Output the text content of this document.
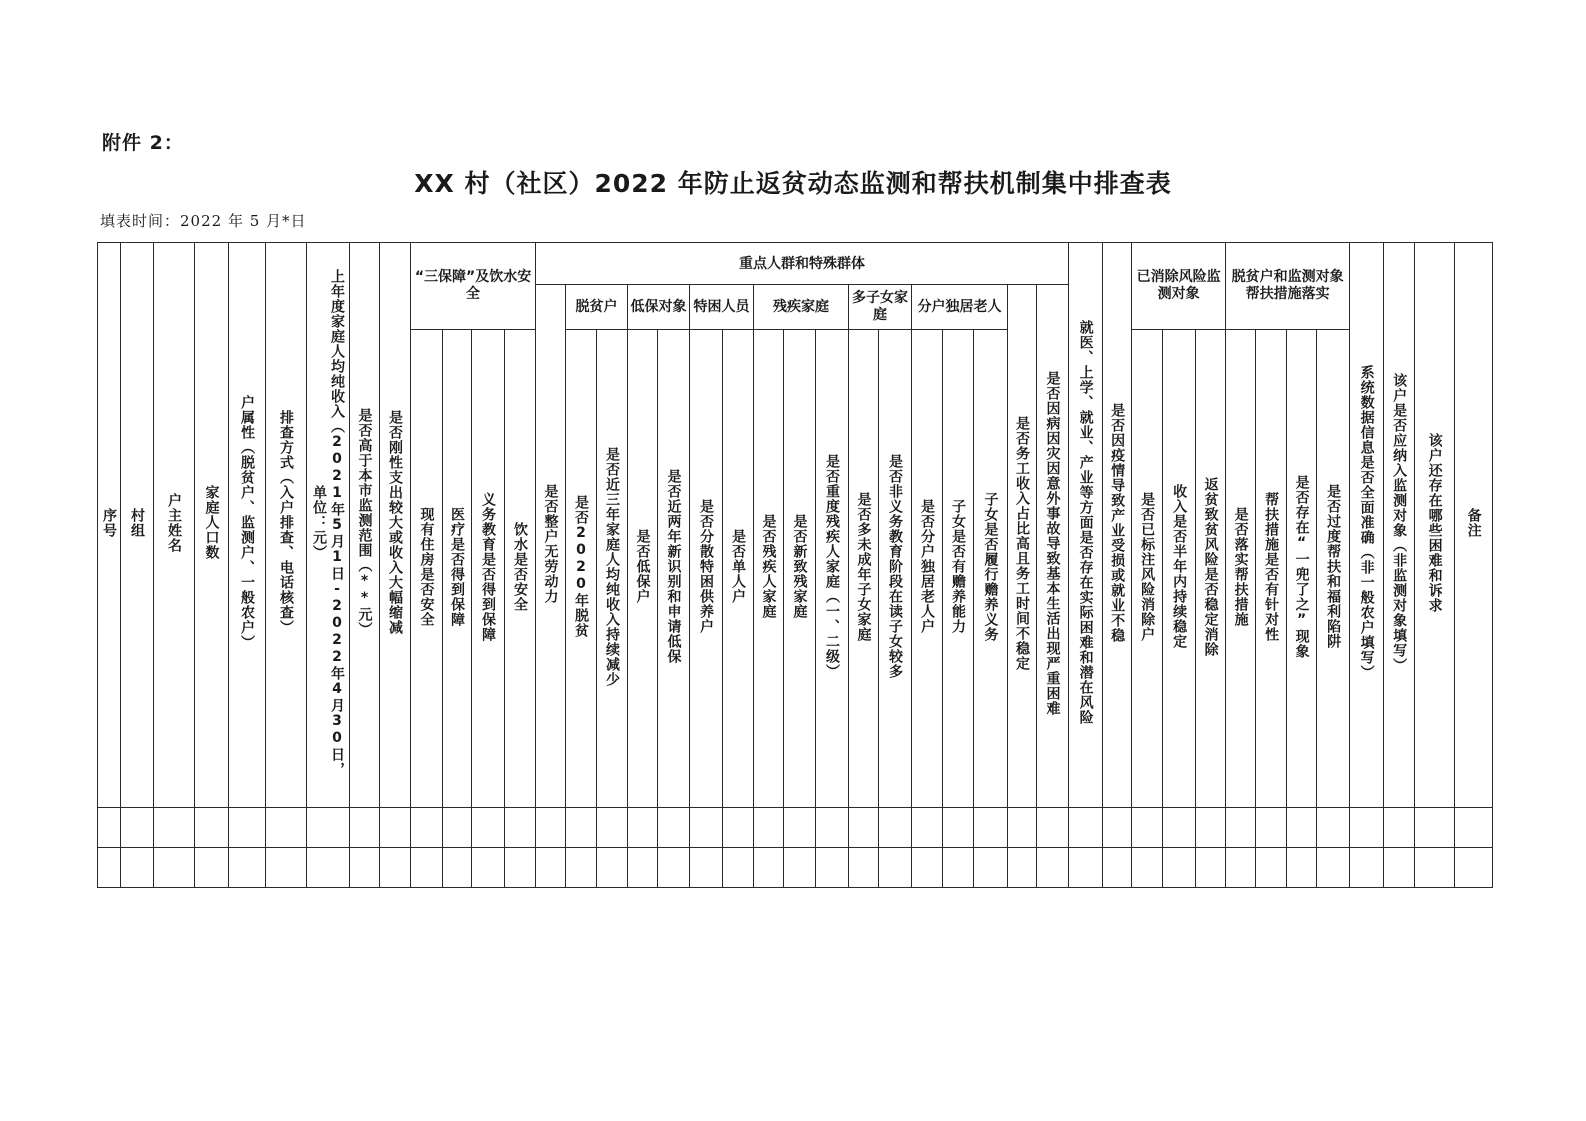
附件 2：
XX 村（社区）2022 年防止返贫动态监测和帮扶机制集中排查表
填表时间：2022 年 5 月*日
序号	村组	户主姓名	家庭人口数	户属性（脱贫户、监测户、一般农户）	排查方式（入户排查、电话核查）	上年度家庭人均纯收入（2021年5月1日-2022年4月30日，单位：元）	是否高于本市监测范围（**元）	是否刚性支出较大或收入大幅缩减	“三保障”及饮水安全				重点人群和特殊群体																	就医、上学、就业、产业等方面是否存在实际困难和潜在风险	是否因疫情导致产业受损或就业不稳	已消除风险监测对象			脱贫户和监测对象帮扶措施落实				系统数据信息是否全面准确（非一般农户填写）	该户是否应纳入监测对象（非监测对象填写）	该户还存在哪些困难和诉求	备注
													是否整户无劳动力	脱贫户		低保对象		特困人员		残疾家庭			多子女家庭		分户独居老人			是否务工收入占比高且务工时间不稳定	是否因病因灾因意外事故导致基本生活出现严重困难													
									现有住房是否安全	医疗是否得到保障	义务教育是否得到保障	饮水是否安全		是否2020年脱贫	是否近三年家庭人均纯收入持续减少	是否低保户	是否近两年新识别和申请低保	是否分散特困供养户	是否单人户	是否残疾人家庭	是否新致残家庭	是否重度残疾人家庭（一、二级）	是否多未成年子女家庭	是否非义务教育阶段在读子女较多	是否分户独居老人户	子女是否有赡养能力	子女是否履行赡养义务					是否已标注风险消除户	收入是否半年内持续稳定	返贫致贫风险是否稳定消除	是否落实帮扶措施	帮扶措施是否有针对性	是否存在“一兜了之”现象	是否过度帮扶和福利陷阱				
